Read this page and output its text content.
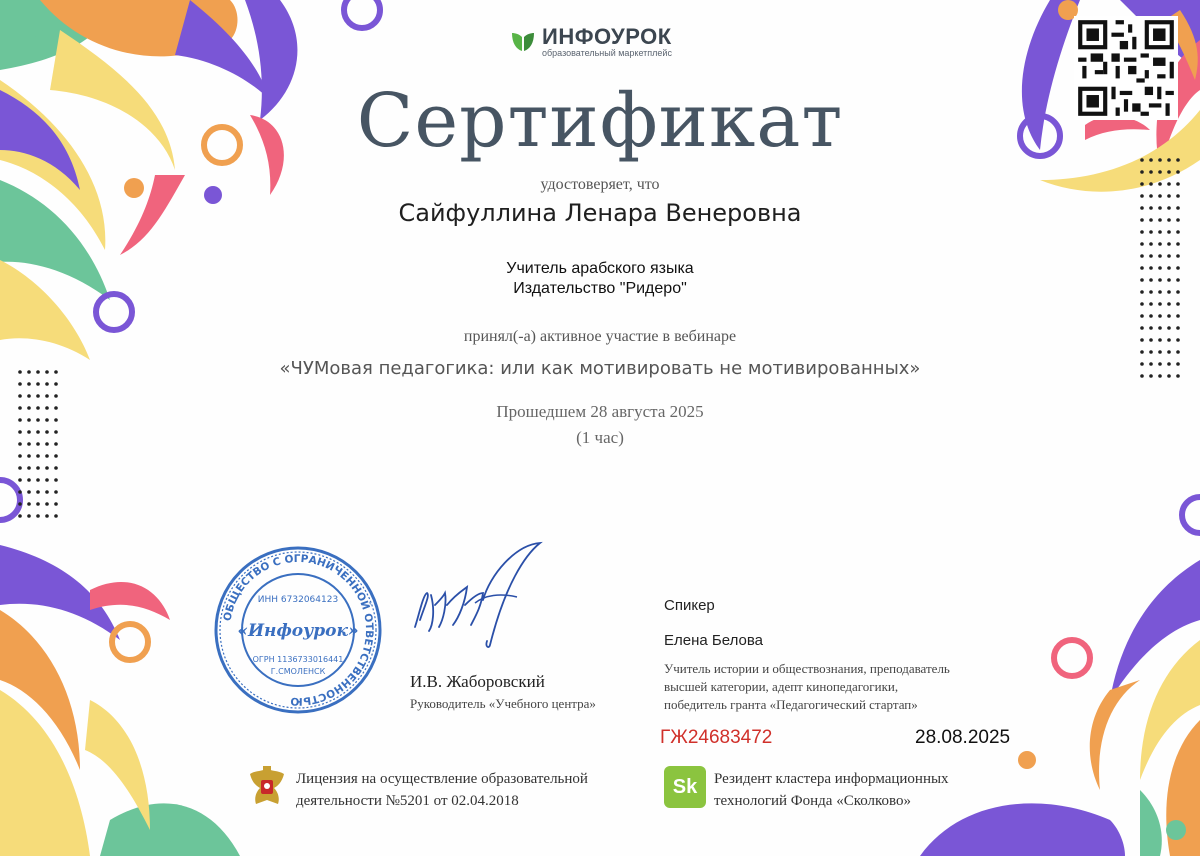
ИНФОУРОК
образовательный маркетплейс
Сертификат
удостоверяет, что
Сайфуллина Ленара Венеровна
Учитель арабского языка
Издательство "Ридеро"
принял(-а) активное участие в вебинаре
«ЧУМовая педагогика: или как мотивировать не мотивированных»
Прошедшем 28 августа 2025
(1 час)
ОБЩЕСТВО С ОГРАНИЧЕННОЙ ОТВЕТСТВЕННОСТЬЮ
ИНН 6732064123
«Инфоурок»
ОГРН 1136733016441
Г.СМОЛЕНСК
И.В. Жаборовский
Руководитель «Учебного центра»
Спикер
Елена Белова
Учитель истории и обществознания, преподаватель
высшей категории, адепт кинопедагогики,
победитель гранта «Педагогический стартап»
ГЖ24683472	28.08.2025
Лицензия на осуществление образовательной
деятельности №5201 от 02.04.2018
Sk	Резидент кластера информационных
технологий Фонда «Сколково»
